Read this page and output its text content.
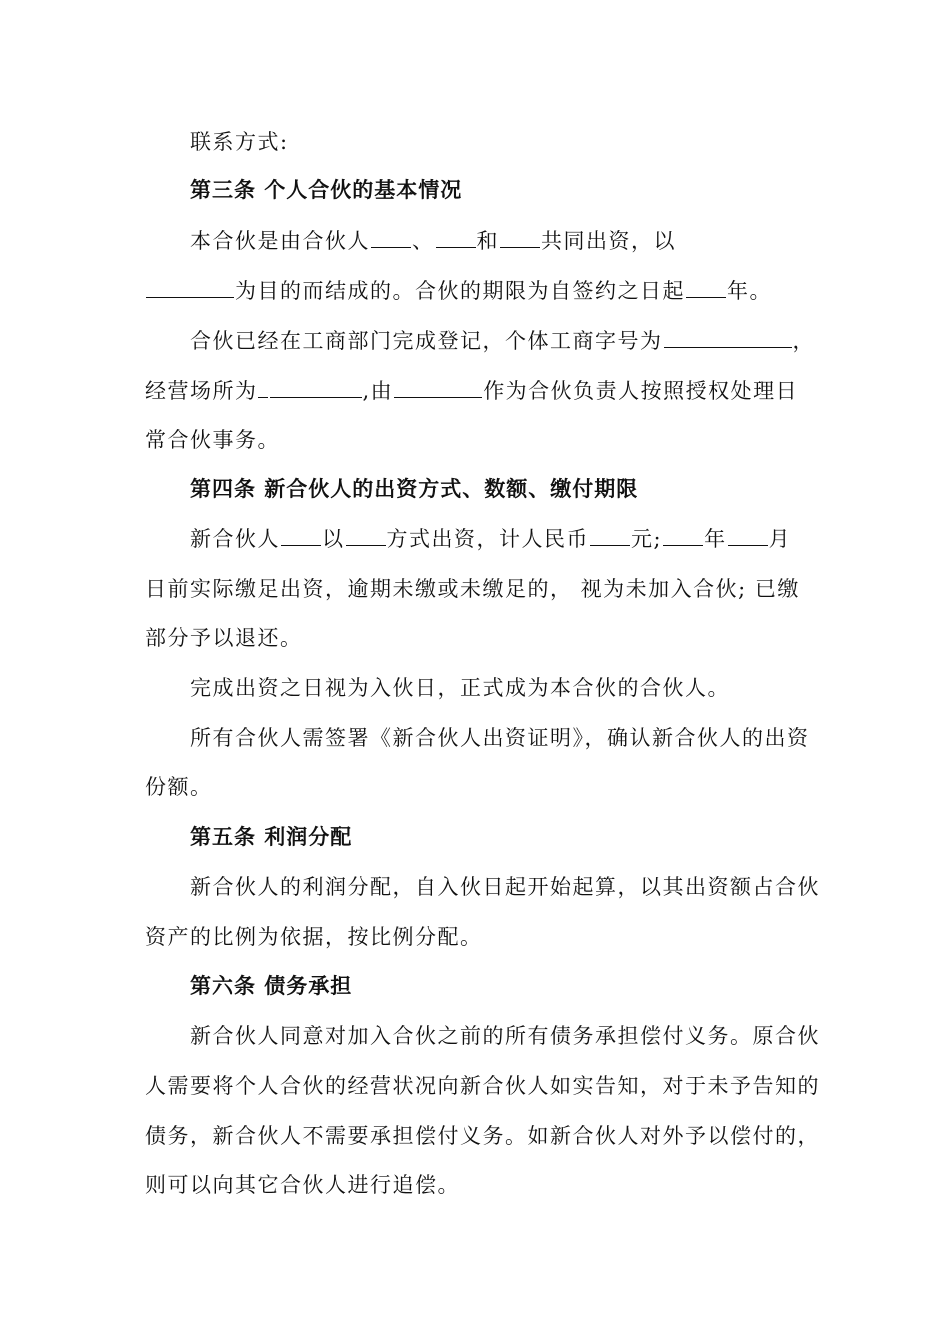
联系方式:
第三条 个人合伙的基本情况
本合伙是由合伙人 、 和 共同出资，以
为目的而结成的。合伙的期限为自签约之日起 年。
合伙已经在工商部门完成登记，个体工商字号为	，
经营场所为	,由	作为合伙负责人按照授权处理日
常合伙事务。
第四条 新合伙人的出资方式、数额、缴付期限
新合伙人 以 方式出资，计人民币 元; 年 月
日前实际缴足出资，逾期未缴或未缴足的， 视为未加入合伙; 已缴
部分予以退还。
完成出资之日视为入伙日，正式成为本合伙的合伙人。
所有合伙人需签署《新合伙人出资证明》，确认新合伙人的出资
份额。
第五条 利润分配
新合伙人的利润分配，自入伙日起开始起算，以其出资额占合伙
资产的比例为依据，按比例分配。
第六条 债务承担
新合伙人同意对加入合伙之前的所有债务承担偿付义务。原合伙
人需要将个人合伙的经营状况向新合伙人如实告知，对于未予告知的
债务，新合伙人不需要承担偿付义务。如新合伙人对外予以偿付的，
则可以向其它合伙人进行追偿。
